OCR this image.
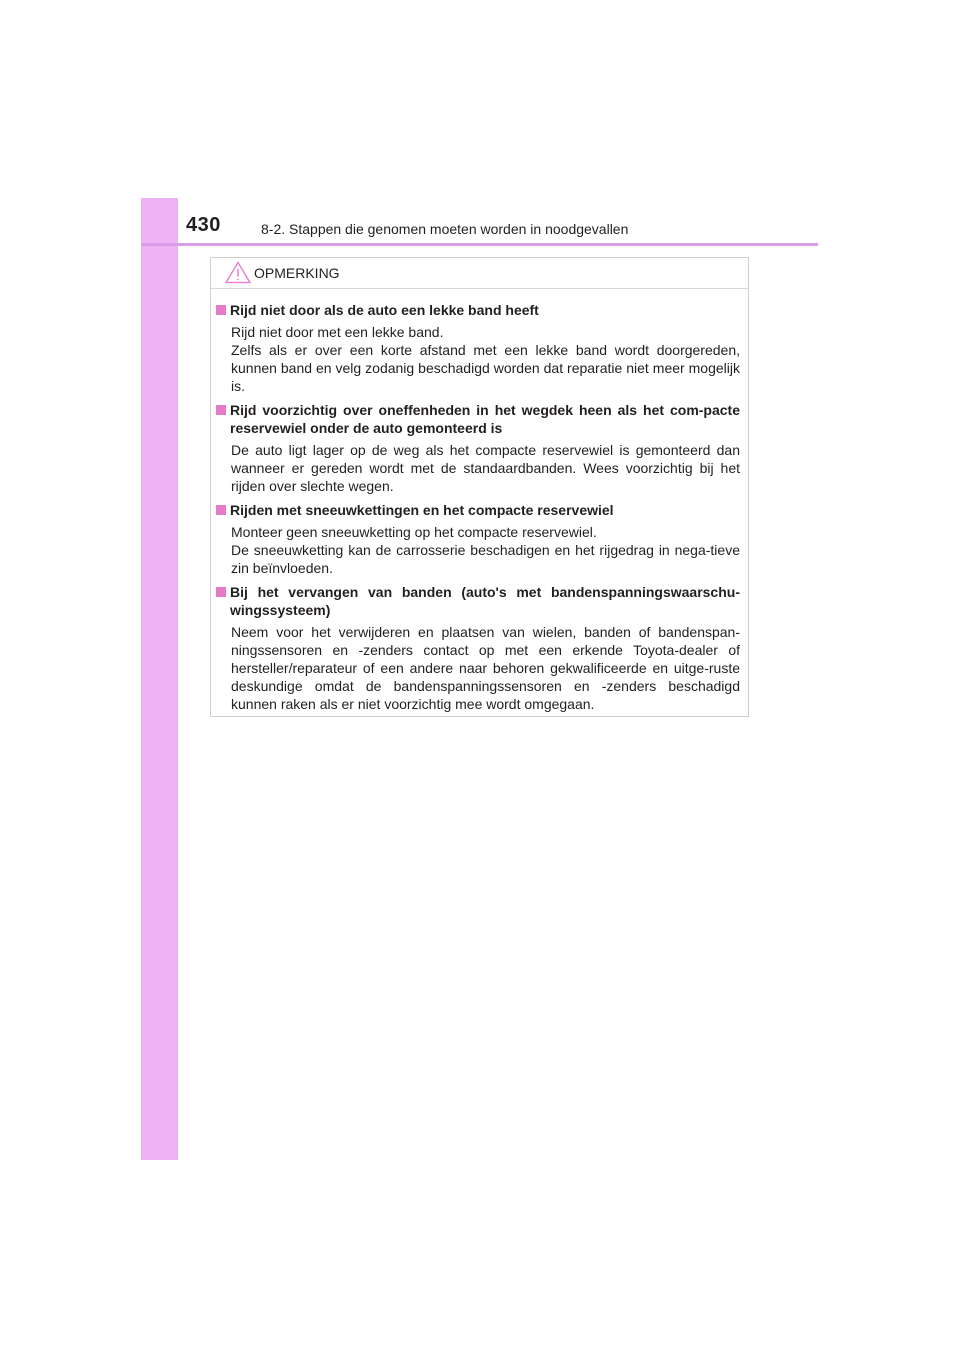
430	8-2. Stappen die genomen moeten worden in noodgevallen
OPMERKING
Rijd niet door als de auto een lekke band heeft
Rijd niet door met een lekke band.
Zelfs als er over een korte afstand met een lekke band wordt doorgereden, kunnen band en velg zodanig beschadigd worden dat reparatie niet meer mogelijk is.
Rijd voorzichtig over oneffenheden in het wegdek heen als het com-pacte reservewiel onder de auto gemonteerd is
De auto ligt lager op de weg als het compacte reservewiel is gemonteerd dan wanneer er gereden wordt met de standaardbanden. Wees voorzichtig bij het rijden over slechte wegen.
Rijden met sneeuwkettingen en het compacte reservewiel
Monteer geen sneeuwketting op het compacte reservewiel.
De sneeuwketting kan de carrosserie beschadigen en het rijgedrag in nega-tieve zin beïnvloeden.
Bij het vervangen van banden (auto's met bandenspanningswaarschu-wingssysteem)
Neem voor het verwijderen en plaatsen van wielen, banden of bandenspan-ningssensoren en -zenders contact op met een erkende Toyota-dealer of hersteller/reparateur of een andere naar behoren gekwalificeerde en uitge-ruste deskundige omdat de bandenspanningssensoren en -zenders beschadigd kunnen raken als er niet voorzichtig mee wordt omgegaan.
